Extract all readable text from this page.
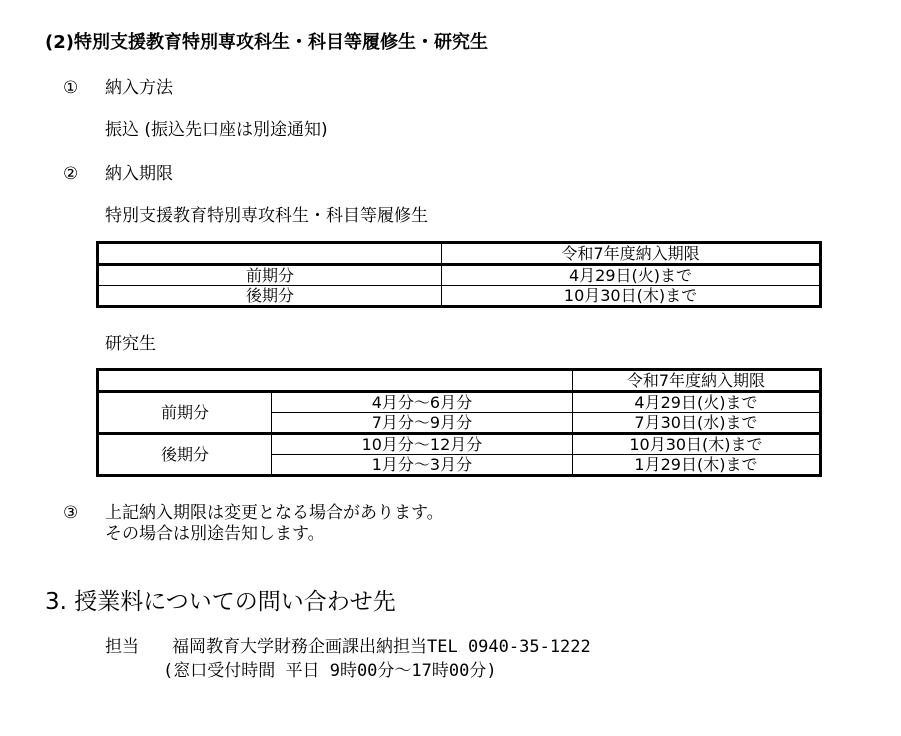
(2)特別支援教育特別専攻科生・科目等履修生・研究生
① 納入方法
振込 (振込先口座は別途通知)
② 納入期限
特別支援教育特別専攻科生・科目等履修生
	令和7年度納入期限
前期分	4月29日(火)まで
後期分	10月30日(木)まで
研究生
		令和7年度納入期限
前期分	4月分～6月分	4月29日(火)まで
	7月分～9月分	7月30日(水)まで
後期分	10月分～12月分	10月30日(木)まで
	1月分～3月分	1月29日(木)まで
③ 上記納入期限は変更となる場合があります。
その場合は別途告知します。
3. 授業料についての問い合わせ先
担当 福岡教育大学財務企画課出納担当TEL 0940-35-1222
(窓口受付時間 平日 9時00分～17時00分)
